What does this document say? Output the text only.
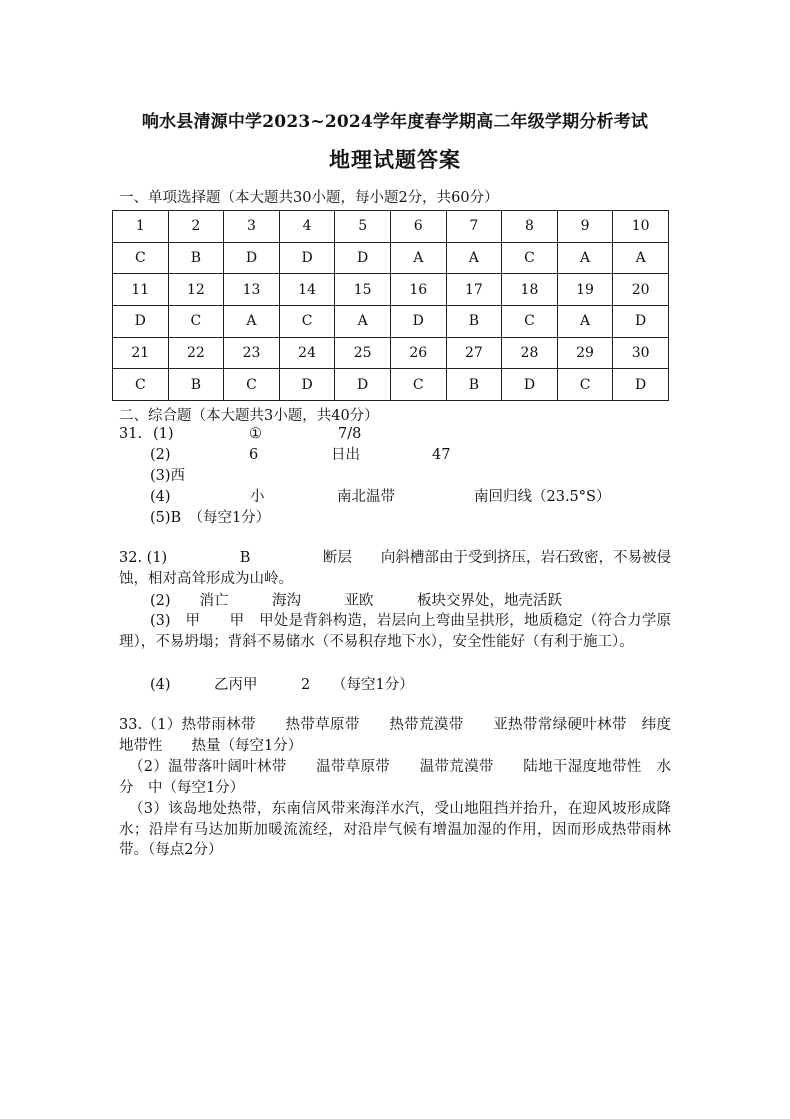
响水县清源中学2023~2024学年度春学期高二年级学期分析考试
地理试题答案
一、单项选择题（本大题共30小题，每小题2分，共60分）
1	2	3	4	5	6	7	8	9	10
C	B	D	D	D	A	A	C	A	A
11	12	13	14	15	16	17	18	19	20
D	C	A	C	A	D	B	C	A	D
21	22	23	24	25	26	27	28	29	30
C	B	C	D	D	C	B	D	C	D
二、综合题（本大题共3小题，共40分）
31. (1)	①	7/8
(2)	6	日出	47
(3)西
(4)	小	南北温带	南回归线（23.5°S）
(5)B　（每空1分）
32. (1)　　　　　B　　　　　断层　　向斜槽部由于受到挤压，岩石致密，不易被侵蚀，相对高耸形成为山岭。
(2)　　消亡　　　海沟　　　亚欧　　　板块交界处，地壳活跃
(3)　甲　　甲　甲处是背斜构造，岩层向上弯曲呈拱形，地质稳定（符合力学原理），不易坍塌；背斜不易储水（不易积存地下水），安全性能好（有利于施工）。
(4)　　　乙丙甲　　　2　　（每空1分）
33.（1）热带雨林带　　热带草原带　　热带荒漠带　　亚热带常绿硬叶林带　纬度地带性　　热量（每空1分）
（2）温带落叶阔叶林带　　温带草原带　　温带荒漠带　　陆地干湿度地带性　水分　中（每空1分）
（3）该岛地处热带，东南信风带来海洋水汽，受山地阻挡并抬升，在迎风坡形成降水；沿岸有马达加斯加暖流流经，对沿岸气候有增温加湿的作用，因而形成热带雨林带。（每点2分）
